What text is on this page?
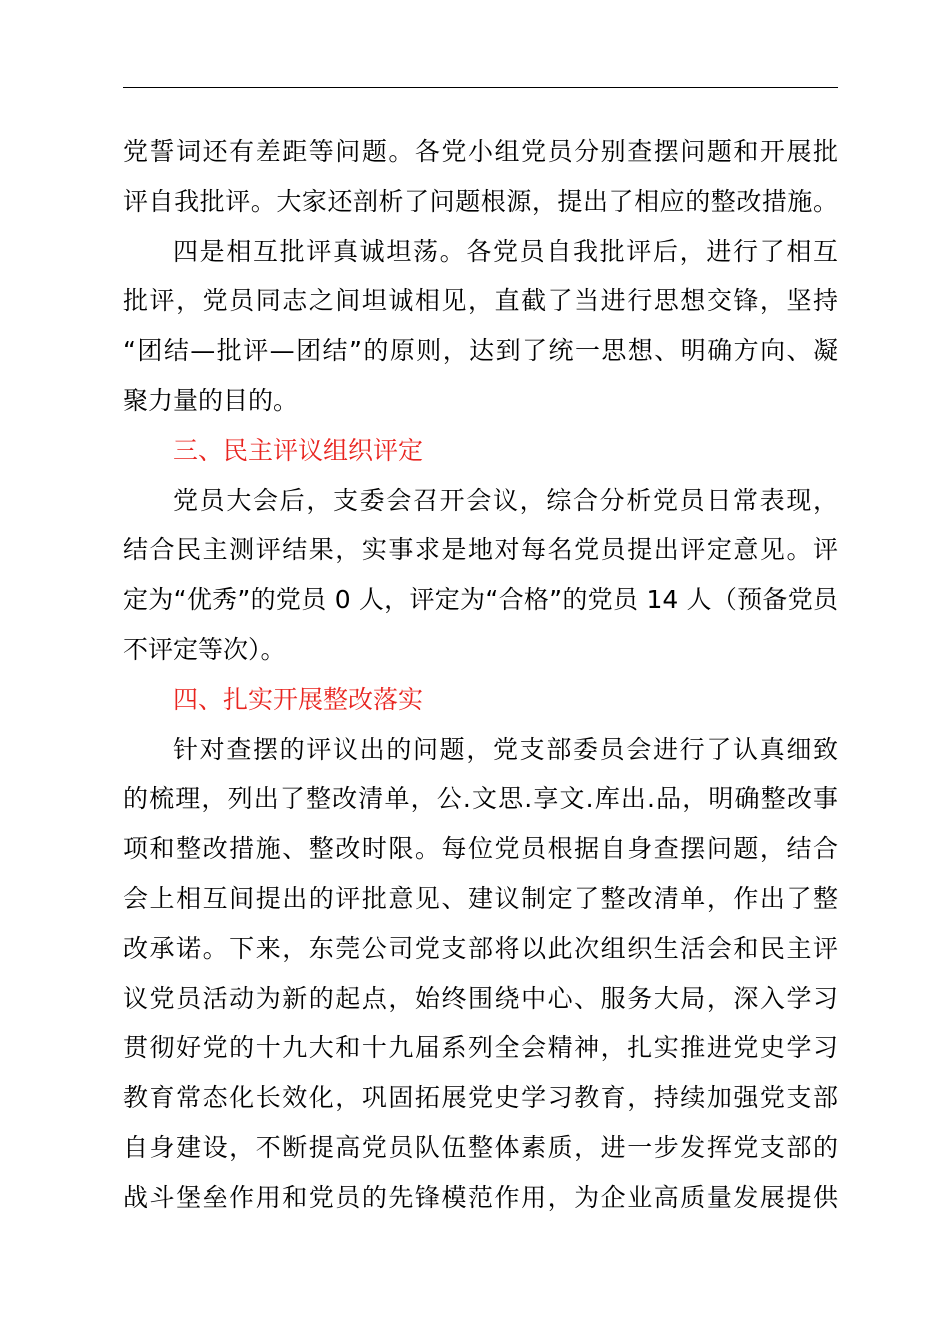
党誓词还有差距等问题。各党小组党员分别查摆问题和开展批
评自我批评。大家还剖析了问题根源，提出了相应的整改措施。
四是相互批评真诚坦荡。各党员自我批评后，进行了相互
批评，党员同志之间坦诚相见，直截了当进行思想交锋，坚持
“团结—批评—团结”的原则，达到了统一思想、明确方向、凝
聚力量的目的。
三、民主评议组织评定
党员大会后，支委会召开会议，综合分析党员日常表现，
结合民主测评结果，实事求是地对每名党员提出评定意见。评
定为“优秀”的党员 0 人，评定为“合格”的党员 14 人（预备党员
不评定等次）。
四、扎实开展整改落实
针对查摆的评议出的问题，党支部委员会进行了认真细致
的梳理，列出了整改清单，公.文思.享文.库出.品，明确整改事
项和整改措施、整改时限。每位党员根据自身查摆问题，结合
会上相互间提出的评批意见、建议制定了整改清单，作出了整
改承诺。下来，东莞公司党支部将以此次组织生活会和民主评
议党员活动为新的起点，始终围绕中心、服务大局，深入学习
贯彻好党的十九大和十九届系列全会精神，扎实推进党史学习
教育常态化长效化，巩固拓展党史学习教育，持续加强党支部
自身建设，不断提高党员队伍整体素质，进一步发挥党支部的
战斗堡垒作用和党员的先锋模范作用，为企业高质量发展提供
